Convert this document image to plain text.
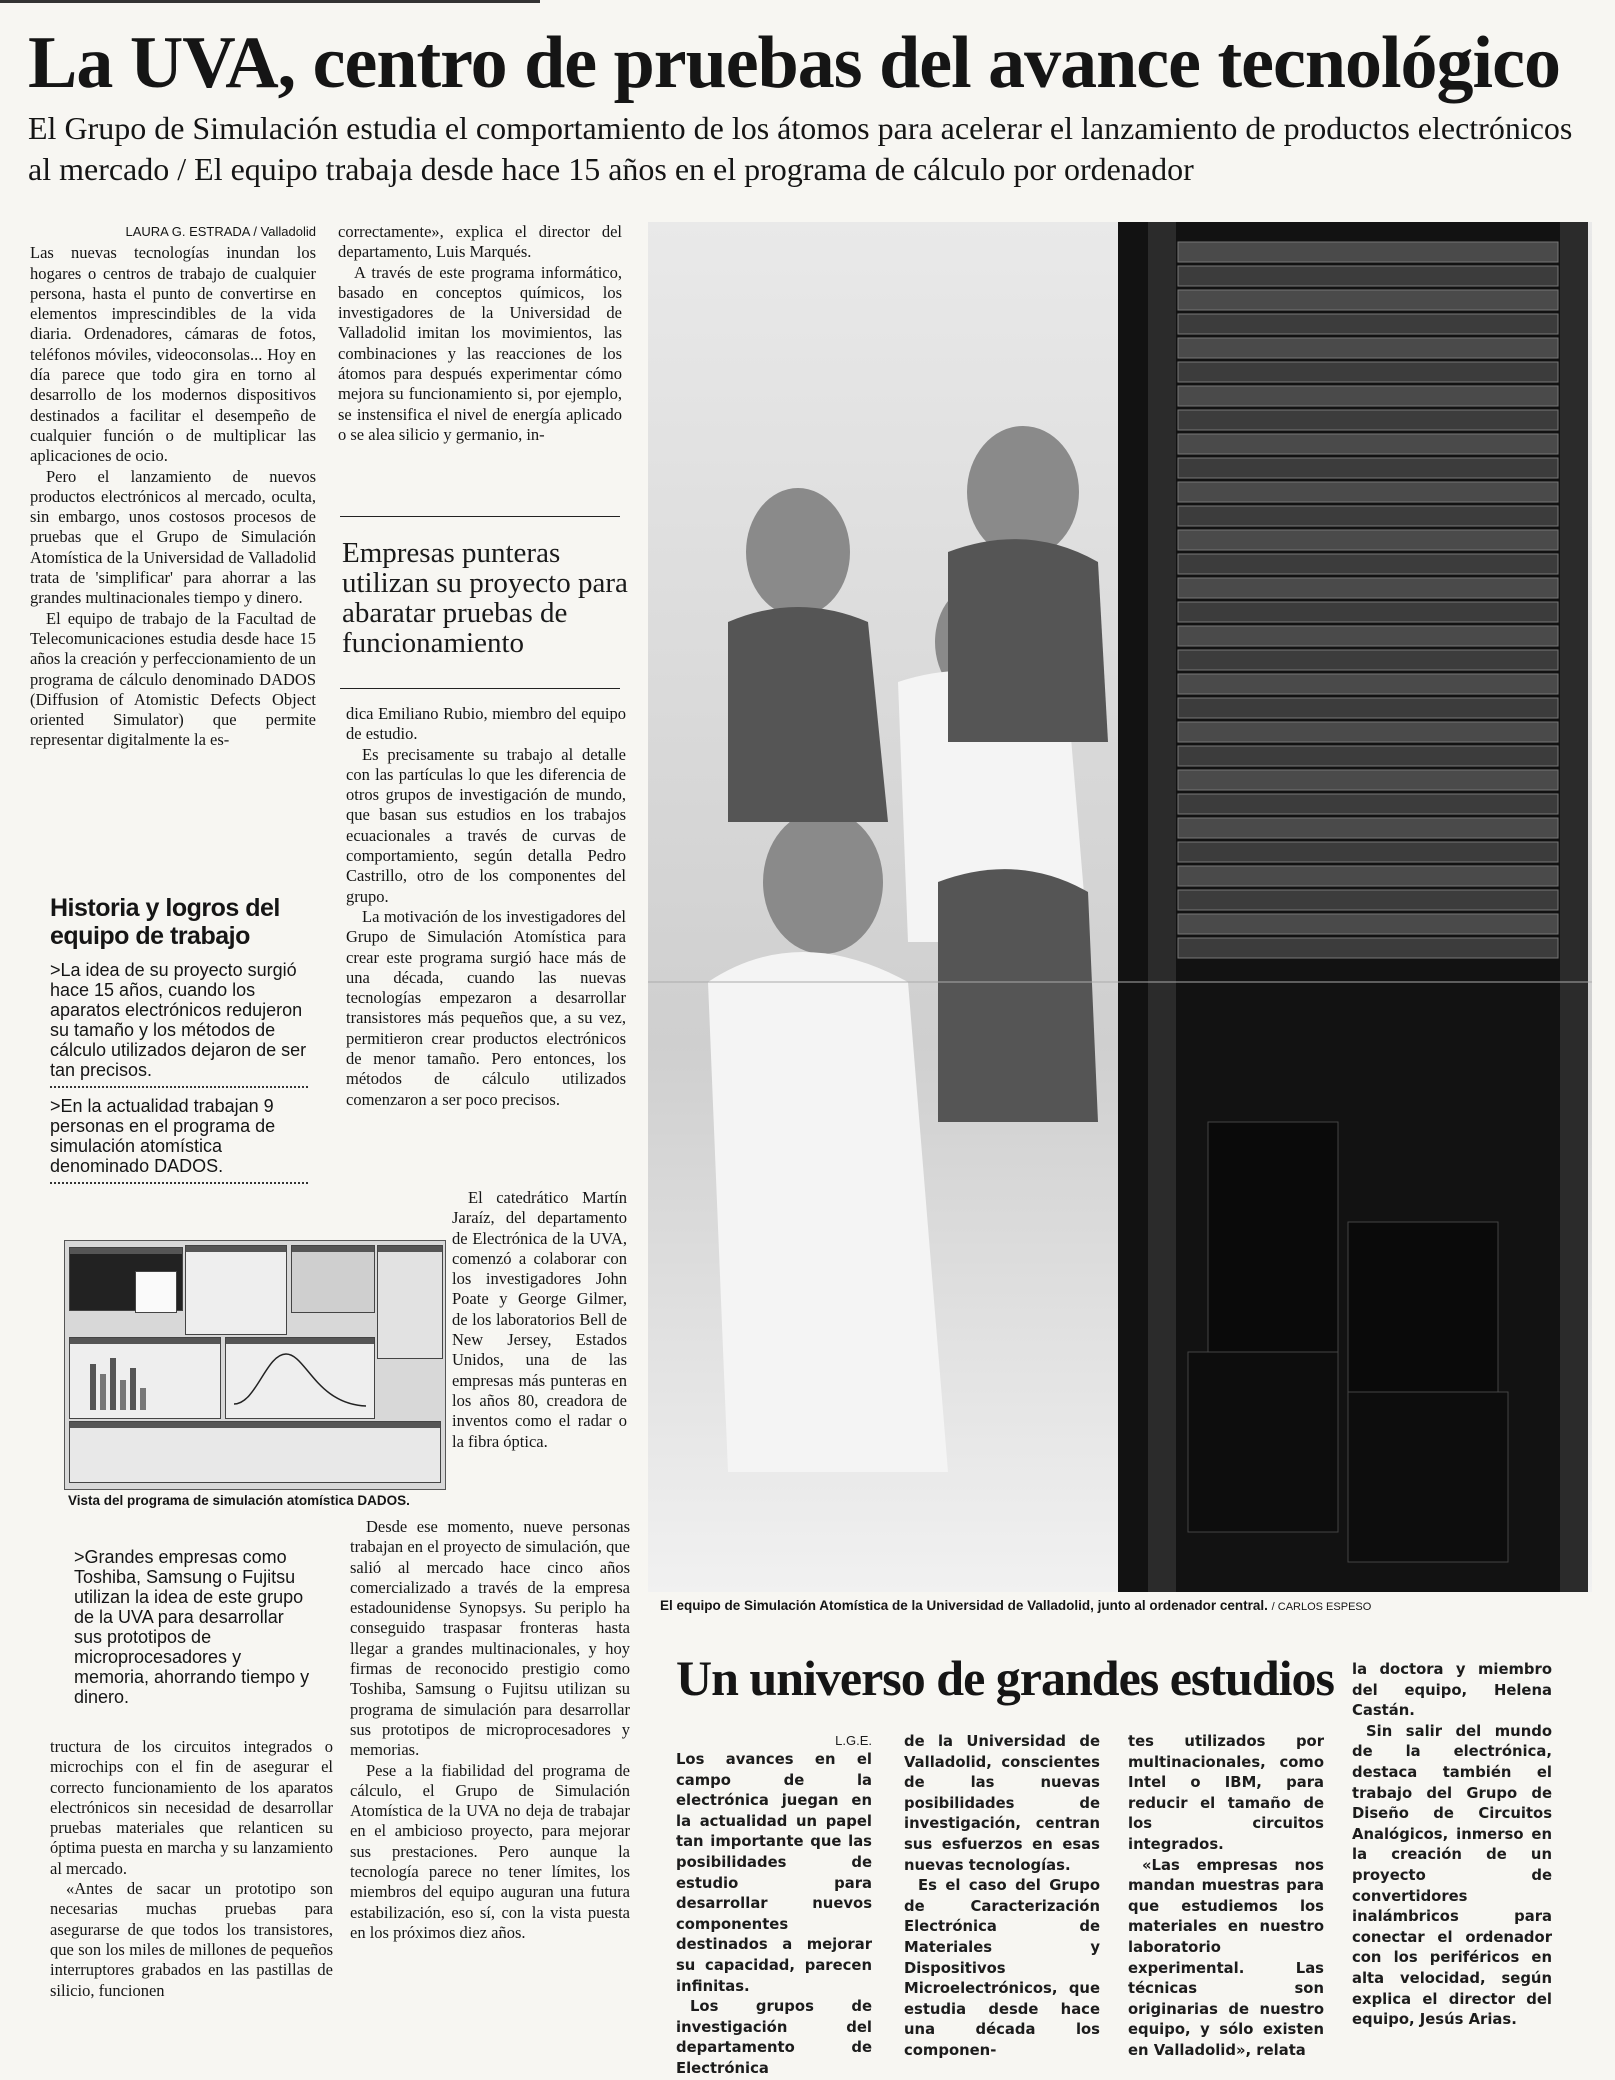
La UVA, centro de pruebas del avance tecnológico

El Grupo de Simulación estudia el comportamiento de los átomos para acelerar el lanzamiento de productos electrónicos al mercado / El equipo trabaja desde hace 15 años en el programa de cálculo por ordenador

LAURA G. ESTRADA / Valladolid

Las nuevas tecnologías inundan los hogares o centros de trabajo de cualquier persona, hasta el punto de convertirse en elementos imprescindibles de la vida diaria. Ordenadores, cámaras de fotos, teléfonos móviles, videoconsolas... Hoy en día parece que todo gira en torno al desarrollo de los modernos dispositivos destinados a facilitar el desempeño de cualquier función o de multiplicar las aplicaciones de ocio.

Pero el lanzamiento de nuevos productos electrónicos al mercado, oculta, sin embargo, unos costosos procesos de pruebas que el Grupo de Simulación Atomística de la Universidad de Valladolid trata de 'simplificar' para ahorrar a las grandes multinacionales tiempo y dinero.

El equipo de trabajo de la Facultad de Telecomunicaciones estudia desde hace 15 años la creación y perfeccionamiento de un programa de cálculo denominado DADOS (Diffusion of Atomistic Defects Object oriented Simulator) que permite representar digitalmente la es-

Historia y logros del equipo de trabajo

>La idea de su proyecto surgió hace 15 años, cuando los aparatos electrónicos redujeron su tamaño y los métodos de cálculo utilizados dejaron de ser tan precisos.

>En la actualidad trabajan 9 personas en el programa de simulación atomística denominado DADOS.

Vista del programa de simulación atomística DADOS.

>Grandes empresas como Toshiba, Samsung o Fujitsu utilizan la idea de este grupo de la UVA para desarrollar sus prototipos de microprocesadores y memoria, ahorrando tiempo y dinero.

tructura de los circuitos integrados o microchips con el fin de asegurar el correcto funcionamiento de los aparatos electrónicos sin necesidad de desarrollar pruebas materiales que relanticen su óptima puesta en marcha y su lanzamiento al mercado.

«Antes de sacar un prototipo son necesarias muchas pruebas para asegurarse de que todos los transistores, que son los miles de millones de pequeños interruptores grabados en las pastillas de silicio, funcionen

correctamente», explica el director del departamento, Luis Marqués.

A través de este programa informático, basado en conceptos químicos, los investigadores de la Universidad de Valladolid imitan los movimientos, las combinaciones y las reacciones de los átomos para después experimentar cómo mejora su funcionamiento si, por ejemplo, se instensifica el nivel de energía aplicado o se alea silicio y germanio, in-

Empresas punteras utilizan su proyecto para abaratar pruebas de funcionamiento

dica Emiliano Rubio, miembro del equipo de estudio.

Es precisamente su trabajo al detalle con las partículas lo que les diferencia de otros grupos de investigación de mundo, que basan sus estudios en los trabajos ecuacionales a través de curvas de comportamiento, según detalla Pedro Castrillo, otro de los componentes del grupo.

La motivación de los investigadores del Grupo de Simulación Atomística para crear este programa surgió hace más de una década, cuando las nuevas tecnologías empezaron a desarrollar transistores más pequeños que, a su vez, permitieron crear productos electrónicos de menor tamaño. Pero entonces, los métodos de cálculo utilizados comenzaron a ser poco precisos.

El catedrático Martín Jaraíz, del departamento de Electrónica de la UVA, comenzó a colaborar con los investigadores John Poate y George Gilmer, de los laboratorios Bell de New Jersey, Estados Unidos, una de las empresas más punteras en los años 80, creadora de inventos como el radar o la fibra óptica.

Desde ese momento, nueve personas trabajan en el proyecto de simulación, que salió al mercado hace cinco años comercializado a través de la empresa estadounidense Synopsys. Su periplo ha conseguido traspasar fronteras hasta llegar a grandes multinacionales, y hoy firmas de reconocido prestigio como Toshiba, Samsung o Fujitsu utilizan su programa de simulación para desarrollar sus prototipos de microprocesadores y memorias.

Pese a la fiabilidad del programa de cálculo, el Grupo de Simulación Atomística de la UVA no deja de trabajar en el ambicioso proyecto, para mejorar sus prestaciones. Pero aunque la tecnología parece no tener límites, los miembros del equipo auguran una futura estabilización, eso sí, con la vista puesta en los próximos diez años.

El equipo de Simulación Atomística de la Universidad de Valladolid, junto al ordenador central. / CARLOS ESPESO
Un universo de grandes estudios
L.G.E.

Los avances en el campo de la electrónica juegan en la actualidad un papel tan importante que las posibilidades de estudio para desarrollar nuevos componentes destinados a mejorar su capacidad, parecen infinitas.

Los grupos de investigación del departamento de Electrónica

de la Universidad de Valladolid, conscientes de las nuevas posibilidades de investigación, centran sus esfuerzos en esas nuevas tecnologías.

Es el caso del Grupo de Caracterización Electrónica de Materiales y Dispositivos Microelectrónicos, que estudia desde hace una década los componen-

tes utilizados por multinacionales, como Intel o IBM, para reducir el tamaño de los circuitos integrados.

«Las empresas nos mandan muestras para que estudiemos los materiales en nuestro laboratorio experimental. Las técnicas son originarias de nuestro equipo, y sólo existen en Valladolid», relata

la doctora y miembro del equipo, Helena Castán.

Sin salir del mundo de la electrónica, destaca también el trabajo del Grupo de Diseño de Circuitos Analógicos, inmerso en la creación de un proyecto de convertidores inalámbricos para conectar el ordenador con los periféricos en alta velocidad, según explica el director del equipo, Jesús Arias.
